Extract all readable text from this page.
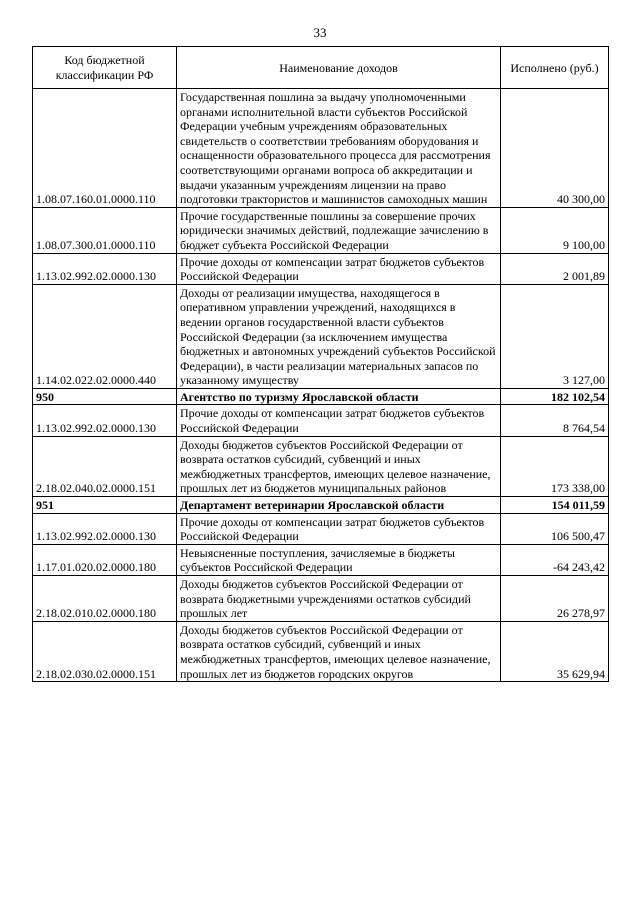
33
Код бюджетной классификации РФ	Наименование доходов	Исполнено (руб.)
1.08.07.160.01.0000.110	Государственная пошлина за выдачу уполномоченными органами исполнительной власти субъектов Российской Федерации учебным учреждениям образовательных свидетельств о соответствии требованиям оборудования и оснащенности образовательного процесса для рассмотрения соответствующими органами вопроса об аккредитации и выдачи указанным учреждениям лицензии на право подготовки трактористов и машинистов самоходных машин	40 300,00
1.08.07.300.01.0000.110	Прочие государственные пошлины за совершение прочих юридически значимых действий, подлежащие зачислению в бюджет субъекта Российской Федерации	9 100,00
1.13.02.992.02.0000.130	Прочие доходы от компенсации затрат бюджетов субъектов Российской Федерации	2 001,89
1.14.02.022.02.0000.440	Доходы от реализации имущества, находящегося в оперативном управлении учреждений, находящихся в ведении органов государственной власти субъектов Российской Федерации (за исключением имущества бюджетных и автономных учреждений субъектов Российской Федерации), в части реализации материальных запасов по указанному имуществу	3 127,00
950	Агентство по туризму Ярославской области	182 102,54
1.13.02.992.02.0000.130	Прочие доходы от компенсации затрат бюджетов субъектов Российской Федерации	8 764,54
2.18.02.040.02.0000.151	Доходы бюджетов субъектов Российской Федерации от возврата остатков субсидий, субвенций и иных межбюджетных трансфертов, имеющих целевое назначение, прошлых лет из бюджетов муниципальных районов	173 338,00
951	Департамент ветеринарии Ярославской области	154 011,59
1.13.02.992.02.0000.130	Прочие доходы от компенсации затрат бюджетов субъектов Российской Федерации	106 500,47
1.17.01.020.02.0000.180	Невыясненные поступления, зачисляемые в бюджеты субъектов Российской Федерации	-64 243,42
2.18.02.010.02.0000.180	Доходы бюджетов субъектов Российской Федерации от возврата бюджетными учреждениями остатков субсидий прошлых лет	26 278,97
2.18.02.030.02.0000.151	Доходы бюджетов субъектов Российской Федерации от возврата остатков субсидий, субвенций и иных межбюджетных трансфертов, имеющих целевое назначение, прошлых лет из бюджетов городских округов	35 629,94
